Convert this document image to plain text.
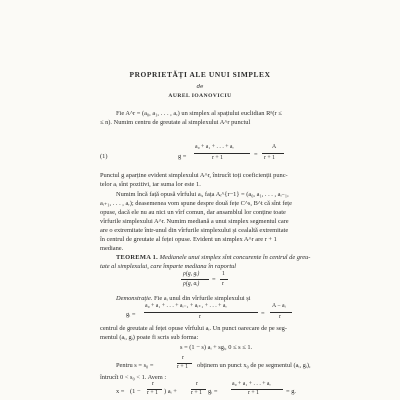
PROPRIETĂȚI ALE UNUI SIMPLEX
de
AUREL IOANOVICIU
Fie A^r = (a₀, a₁, . . . , aᵣ) un simplex al spațiului euclidian Rⁿ(r ≤
≤ n). Numim centru de greutate al simplexului A^r punctul
(1)	g =
a₀ + a₁ + . . . + aᵣ
r + 1	=
A
r + 1
Punctul g aparține evident simplexului A^r, întrucît toți coeficienții punc-
telor aᵢ sînt pozitivi, iar suma lor este 1.
Numim încă față opusă vîrfului aᵢ, fața Aᵢ^{r−1} = (a₀, a₁, . . . , aᵢ₋₁,
aᵢ₊₁, . . . , aᵣ); deasemenea vom spune despre două fețe C^s, B^t că sînt fețe
opuse, dacă ele nu au nici un vîrf comun, dar ansamblul lor conține toate
vîrfurile simplexului A^r. Numim mediană a unui simplex segmentul care
are o extremitate într-unul din vîrfurile simplexului și cealaltă extremitate
în centrul de greutate al feței opuse. Evident un simplex A^r are r + 1
mediane.
TEOREMA 1. Medianele unui simplex sînt concurente în centrul de greu-
tate al simplexului, care împarte mediana în raportul
ρ(g, gᵢ)
ρ(g, aᵢ)
=
1
r
Demonstrație. Fie aᵢ unul din vîrfurile simplexului și
gᵢ =
a₀ + a₁ + . . . + aᵢ₋₁ + aᵢ₊₁ + . . . + aᵣ
r	=
A − aᵢ
r
centrul de greutate al feței opuse vîrfului aᵢ. Un punct oarecare de pe seg-
mentul (aᵢ, gᵢ) poate fi scris sub forma:
s = (1 − s) aᵢ + sgᵢ, 0 ≤ s ≤ 1.
Pentru s = s₀ =
r
r + 1 obținem un punct x₀ de pe segmentul (aᵢ, gᵢ),
întrucît 0 < s₀ < 1. Avem :
x = (1 −
r
r + 1 ) aᵢ +
r
r + 1 gᵢ =
a₀ + a₁ + . . . + aᵣ
r + 1	= g.
